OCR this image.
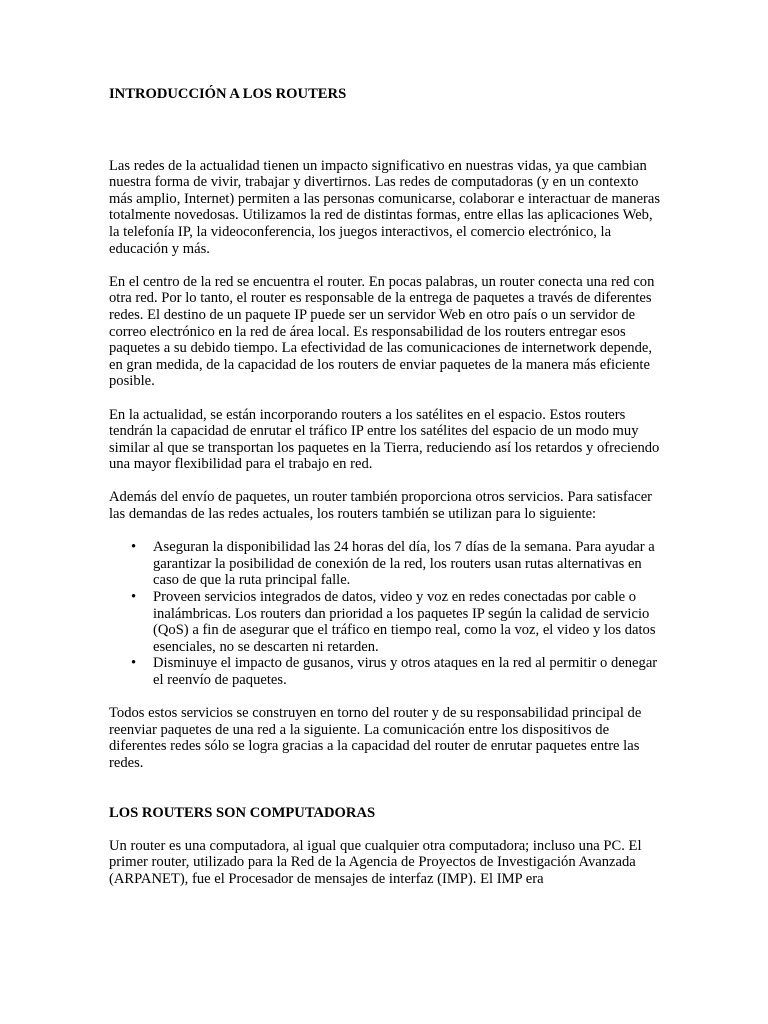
INTRODUCCIÓN A LOS ROUTERS

Las redes de la actualidad tienen un impacto significativo en nuestras vidas, ya que cambian nuestra forma de vivir, trabajar y divertirnos. Las redes de computadoras (y en un contexto más amplio, Internet) permiten a las personas comunicarse, colaborar e interactuar de maneras totalmente novedosas. Utilizamos la red de distintas formas, entre ellas las aplicaciones Web, la telefonía IP, la videoconferencia, los juegos interactivos, el comercio electrónico, la educación y más.

En el centro de la red se encuentra el router. En pocas palabras, un router conecta una red con otra red. Por lo tanto, el router es responsable de la entrega de paquetes a través de diferentes redes. El destino de un paquete IP puede ser un servidor Web en otro país o un servidor de correo electrónico en la red de área local. Es responsabilidad de los routers entregar esos paquetes a su debido tiempo. La efectividad de las comunicaciones de internetwork depende, en gran medida, de la capacidad de los routers de enviar paquetes de la manera más eficiente posible.

En la actualidad, se están incorporando routers a los satélites en el espacio. Estos routers tendrán la capacidad de enrutar el tráfico IP entre los satélites del espacio de un modo muy similar al que se transportan los paquetes en la Tierra, reduciendo así los retardos y ofreciendo una mayor flexibilidad para el trabajo en red.

Además del envío de paquetes, un router también proporciona otros servicios. Para satisfacer las demandas de las redes actuales, los routers también se utilizan para lo siguiente:

• Aseguran la disponibilidad las 24 horas del día, los 7 días de la semana. Para ayudar a garantizar la posibilidad de conexión de la red, los routers usan rutas alternativas en caso de que la ruta principal falle.
• Proveen servicios integrados de datos, video y voz en redes conectadas por cable o inalámbricas. Los routers dan prioridad a los paquetes IP según la calidad de servicio (QoS) a fin de asegurar que el tráfico en tiempo real, como la voz, el video y los datos esenciales, no se descarten ni retarden.
• Disminuye el impacto de gusanos, virus y otros ataques en la red al permitir o denegar el reenvío de paquetes.

Todos estos servicios se construyen en torno del router y de su responsabilidad principal de reenviar paquetes de una red a la siguiente. La comunicación entre los dispositivos de diferentes redes sólo se logra gracias a la capacidad del router de enrutar paquetes entre las redes.

LOS ROUTERS SON COMPUTADORAS

Un router es una computadora, al igual que cualquier otra computadora; incluso una PC. El primer router, utilizado para la Red de la Agencia de Proyectos de Investigación Avanzada (ARPANET), fue el Procesador de mensajes de interfaz (IMP). El IMP era
